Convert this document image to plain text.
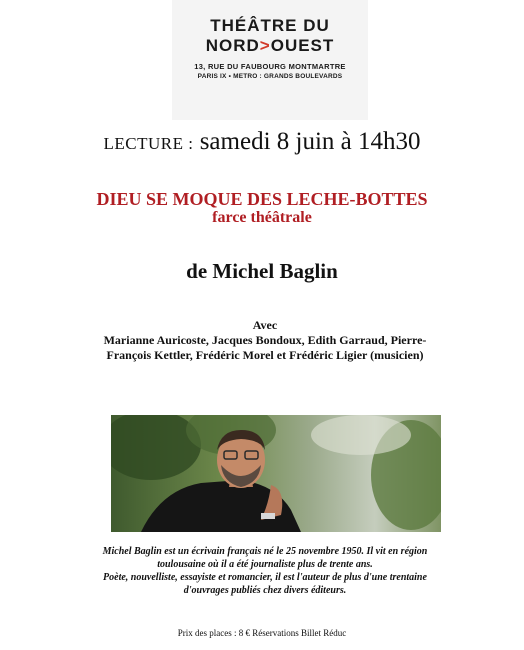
THÉÂTRE DU
NORD>OUEST
13, RUE DU FAUBOURG MONTMARTRE
PARIS IX • METRO : GRANDS BOULEVARDS
LECTURE : samedi 8 juin à 14h30
DIEU SE MOQUE DES LECHE-BOTTES
farce théâtrale
de Michel Baglin
Avec
Marianne Auricoste, Jacques Bondoux, Edith Garraud, Pierre-
François Kettler, Frédéric Morel et Frédéric Ligier (musicien)
Michel Baglin est un écrivain français né le 25 novembre 1950. Il vit en région
toulousaine où il a été journaliste plus de trente ans.
Poète, nouvelliste, essayiste et romancier, il est l'auteur de plus d'une trentaine
d'ouvrages publiés chez divers éditeurs.
Prix des places : 8 € Réservations Billet Réduc
